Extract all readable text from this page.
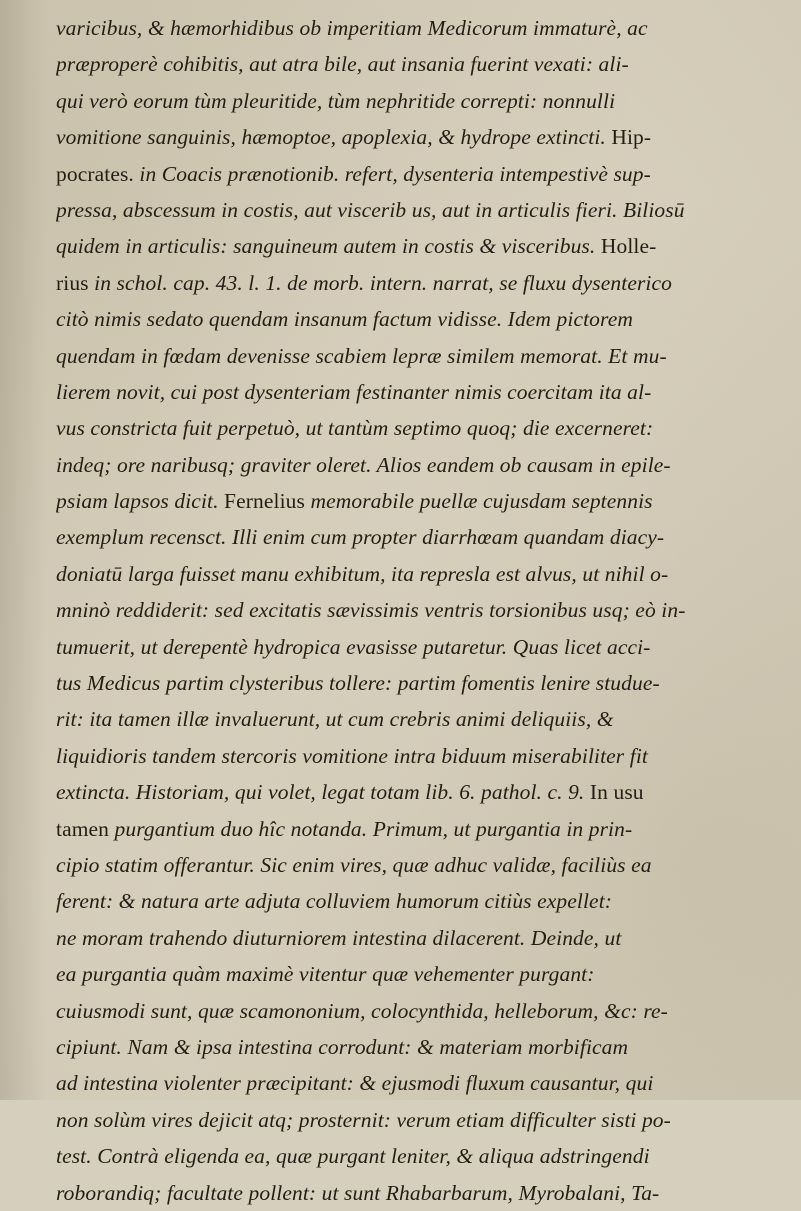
varicibus, & hæmorhidibus ob imperitiam Medicorum immaturè, ac
præproperè cohibitis, aut atra bile, aut insania fuerint vexati: ali-
qui verò eorum tùm pleuritide, tùm nephritide correpti: nonnulli
vomitione sanguinis, hæmoptoe, apoplexia, & hydrope extincti. Hip-
pocrates. in Coacis prænotionib. refert, dysenteria intempestivè sup-
pressa, abscessum in costis, aut viscerib us, aut in articulis fieri. Biliosū
quidem in articulis: sanguineum autem in costis & visceribus. Holle-
rius in schol. cap. 43. l. 1. de morb. intern. narrat, se fluxu dysenterico
citò nimis sedato quendam insanum factum vidisse. Idem pictorem
quendam in fœdam devenisse scabiem lepræ similem memorat. Et mu-
lierem novit, cui post dysenteriam festinanter nimis coercitam ita al-
vus constricta fuit perpetuò, ut tantùm septimo quoq; die excerneret:
indeq; ore naribusq; graviter oleret. Alios eandem ob causam in epile-
psiam lapsos dicit. Fernelius memorabile puellæ cujusdam septennis
exemplum recensct. Illi enim cum propter diarrhœam quandam diacy-
doniatū larga fuisset manu exhibitum, ita represla est alvus, ut nihil o-
mninò reddiderit: sed excitatis sævissimis ventris torsionibus usq; eò in-
tumuerit, ut derepentè hydropica evasisse putaretur. Quas licet acci-
tus Medicus partim clysteribus tollere: partim fomentis lenire studue-
rit: ita tamen illæ invaluerunt, ut cum crebris animi deliquiis, &
liquidioris tandem stercoris vomitione intra biduum miserabiliter fit
extincta. Historiam, qui volet, legat totam lib. 6. pathol. c. 9. In usu
tamen purgantium duo hîc notanda. Primum, ut purgantia in prin-
cipio statim offerantur. Sic enim vires, quæ adhuc validæ, faciliùs ea
ferent: & natura arte adjuta colluviem humorum citiùs expellet:
ne moram trahendo diuturniorem intestina dilacerent. Deinde, ut
ea purgantia quàm maximè vitentur quæ vehementer purgant:
cuiusmodi sunt, quæ scamononium, colocynthida, helleborum, &c: re-
cipiunt. Nam & ipsa intestina corrodunt: & materiam morbificam
ad intestina violenter præcipitant: & ejusmodi fluxum causantur, qui
non solùm vires dejicit atq; prosternit: verum etiam difficulter sisti po-
test. Contrà eligenda ea, quæ purgant leniter, & aliqua adstringendi
roborandiq; facultate pollent: ut sunt Rhabarbarum, Myrobalani, Ta-
